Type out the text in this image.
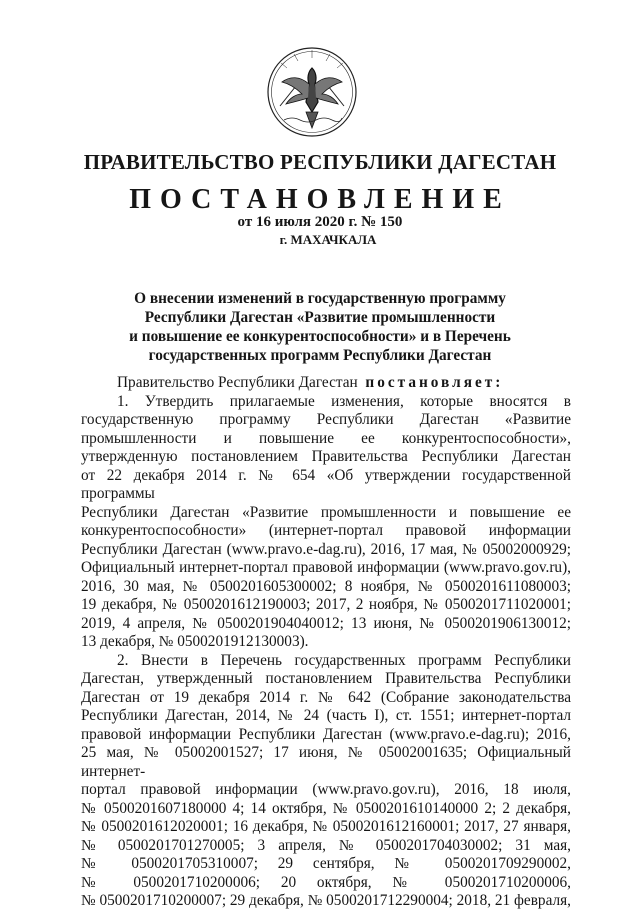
ПРАВИТЕЛЬСТВО РЕСПУБЛИКИ ДАГЕСТАН
ПОСТАНОВЛЕНИЕ
от 16 июля 2020 г. № 150
г. МАХАЧКАЛА
О внесении изменений в государственную программу
Республики Дагестан «Развитие промышленности
и повышение ее конкурентоспособности» и в Перечень
государственных программ Республики Дагестан
Правительство Республики Дагестан постановляет:
1. Утвердить прилагаемые изменения, которые вносятся в
государственную программу Республики Дагестан «Развитие
промышленности и повышение ее конкурентоспособности»,
утвержденную постановлением Правительства Республики Дагестан
от 22 декабря 2014 г. № 654 «Об утверждении государственной программы
Республики Дагестан «Развитие промышленности и повышение ее
конкурентоспособности» (интернет-портал правовой информации
Республики Дагестан (www.pravo.e-dag.ru), 2016, 17 мая, № 05002000929;
Официальный интернет-портал правовой информации (www.pravo.gov.ru),
2016, 30 мая, № 0500201605300002; 8 ноября, № 0500201611080003;
19 декабря, № 0500201612190003; 2017, 2 ноября, № 0500201711020001;
2019, 4 апреля, № 0500201904040012; 13 июня, № 0500201906130012;
13 декабря, № 0500201912130003).
2. Внести в Перечень государственных программ Республики
Дагестан, утвержденный постановлением Правительства Республики
Дагестан от 19 декабря 2014 г. № 642 (Собрание законодательства
Республики Дагестан, 2014, № 24 (часть I), ст. 1551; интернет-портал
правовой информации Республики Дагестан (www.pravo.e-dag.ru); 2016,
25 мая, № 05002001527; 17 июня, № 05002001635; Официальный интернет-
портал правовой информации (www.pravo.gov.ru), 2016, 18 июля,
№ 0500201607180000 4; 14 октября, № 0500201610140000 2; 2 декабря,
№ 0500201612020001; 16 декабря, № 0500201612160001; 2017, 27 января,
№ 0500201701270005; 3 апреля, № 0500201704030002; 31 мая,
№ 0500201705310007; 29 сентября, № 0500201709290002,
№ 0500201710200006; 20 октября, № 0500201710200006,
№ 0500201710200007; 29 декабря, № 0500201712290004; 2018, 21 февраля,
